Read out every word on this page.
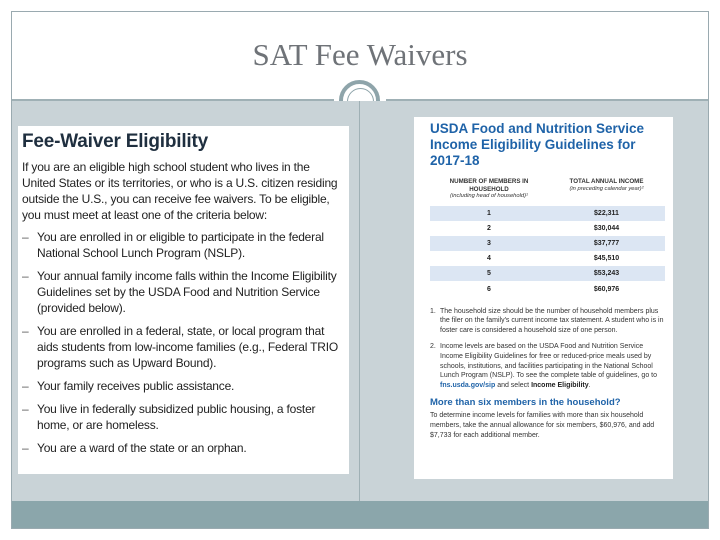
SAT Fee Waivers
Fee-Waiver Eligibility

If you are an eligible high school student who lives in the United States or its territories, or who is a U.S. citizen residing outside the U.S., you can receive fee waivers. To be eligible, you must meet at least one of the criteria below:

– You are enrolled in or eligible to participate in the federal National School Lunch Program (NSLP).
– Your annual family income falls within the Income Eligibility Guidelines set by the USDA Food and Nutrition Service (provided below).
– You are enrolled in a federal, state, or local program that aids students from low-income families (e.g., Federal TRIO programs such as Upward Bound).
– Your family receives public assistance.
– You live in federally subsidized public housing, a foster home, or are homeless.
– You are a ward of the state or an orphan.
USDA Food and Nutrition Service Income Eligibility Guidelines for 2017-18
NUMBER OF MEMBERS IN HOUSEHOLD
(including head of household)¹
TOTAL ANNUAL INCOME
(in preceding calendar year)²
1	$22,311
2	$30,044
3	$37,777
4	$45,510
5	$53,243
6	$60,976
1. The household size should be the number of household members plus the filer on the family's current income tax statement. A student who is in foster care is considered a household size of one person.
2. Income levels are based on the USDA Food and Nutrition Service Income Eligibility Guidelines for free or reduced-price meals used by schools, institutions, and facilities participating in the National School Lunch Program (NSLP). To see the complete table of guidelines, go to fns.usda.gov/sip and select Income Eligibility.
More than six members in the household?

To determine income levels for families with more than six household members, take the annual allowance for six members, $60,976, and add $7,733 for each additional member.
